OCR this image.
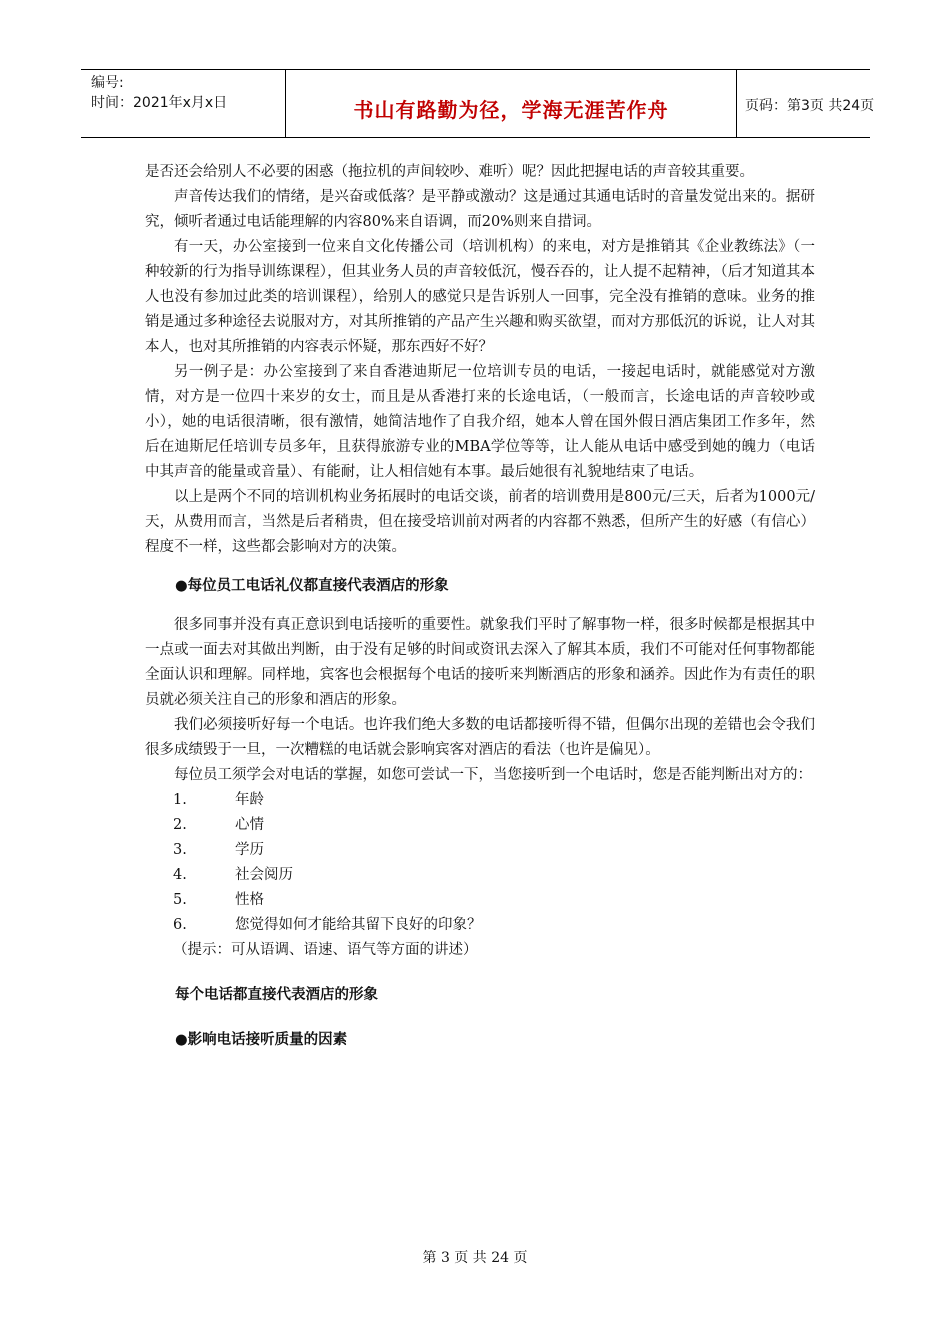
编号:
时间：2021年x月x日	书山有路勤为径，学海无涯苦作舟	页码：第3页 共24页

是否还会给别人不必要的困惑（拖拉机的声间较吵、难听）呢？因此把握电话的声音较其重要。

声音传达我们的情绪，是兴奋或低落？是平静或激动？这是通过其通电话时的音量发觉出来的。据研究，倾听者通过电话能理解的内容80%来自语调，而20%则来自措词。

有一天，办公室接到一位来自文化传播公司（培训机构）的来电，对方是推销其《企业教练法》（一种较新的行为指导训练课程），但其业务人员的声音较低沉，慢吞吞的，让人提不起精神，（后才知道其本人也没有参加过此类的培训课程），给别人的感觉只是告诉别人一回事，完全没有推销的意味。业务的推销是通过多种途径去说服对方，对其所推销的产品产生兴趣和购买欲望，而对方那低沉的诉说，让人对其本人，也对其所推销的内容表示怀疑，那东西好不好？

另一例子是：办公室接到了来自香港迪斯尼一位培训专员的电话，一接起电话时，就能感觉对方激情，对方是一位四十来岁的女士，而且是从香港打来的长途电话，（一般而言，长途电话的声音较吵或小），她的电话很清晰，很有激情，她简洁地作了自我介绍，她本人曾在国外假日酒店集团工作多年，然后在迪斯尼任培训专员多年，且获得旅游专业的MBA学位等等，让人能从电话中感受到她的魄力（电话中其声音的能量或音量）、有能耐，让人相信她有本事。最后她很有礼貌地结束了电话。

以上是两个不同的培训机构业务拓展时的电话交谈，前者的培训费用是800元/三天，后者为1000元/天，从费用而言，当然是后者稍贵，但在接受培训前对两者的内容都不熟悉，但所产生的好感（有信心）程度不一样，这些都会影响对方的决策。

●每位员工电话礼仪都直接代表酒店的形象

很多同事并没有真正意识到电话接听的重要性。就象我们平时了解事物一样，很多时候都是根据其中一点或一面去对其做出判断，由于没有足够的时间或资讯去深入了解其本质，我们不可能对任何事物都能全面认识和理解。同样地，宾客也会根据每个电话的接听来判断酒店的形象和涵养。因此作为有责任的职员就必须关注自己的形象和酒店的形象。

我们必须接听好每一个电话。也许我们绝大多数的电话都接听得不错，但偶尔出现的差错也会令我们很多成绩毁于一旦，一次糟糕的电话就会影响宾客对酒店的看法（也许是偏见）。

每位员工须学会对电话的掌握，如您可尝试一下，当您接听到一个电话时，您是否能判断出对方的：

1.	年龄
2.	心情
3.	学历
4.	社会阅历
5.	性格
6.	您觉得如何才能给其留下良好的印象？
（提示：可从语调、语速、语气等方面的讲述）
每个电话都直接代表酒店的形象
●影响电话接听质量的因素
第 3 页 共 24 页
